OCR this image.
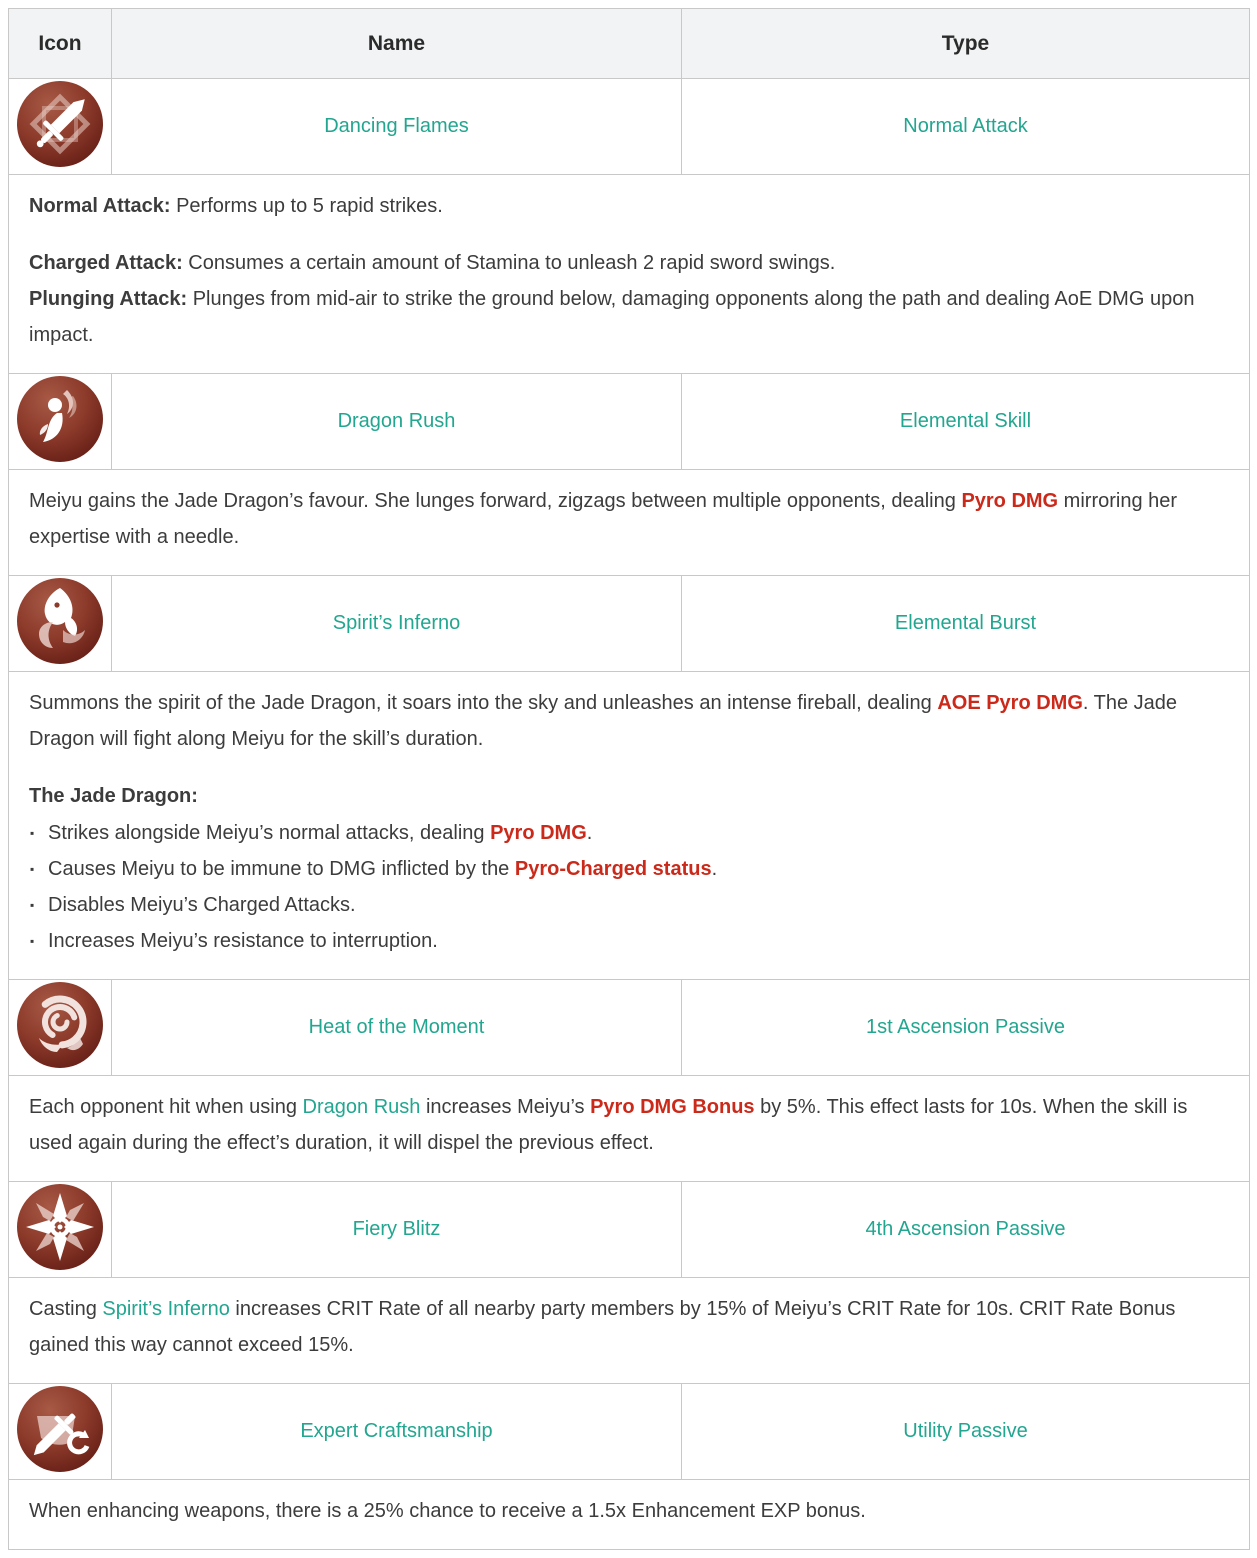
Icon	Name	Type

	Dancing Flames	Normal Attack

Normal Attack: Performs up to 5 rapid strikes.

Charged Attack: Consumes a certain amount of Stamina to unleash 2 rapid sword swings.
Plunging Attack: Plunges from mid-air to strike the ground below, damaging opponents along the path and dealing AoE DMG upon impact.		

	Dragon Rush	Elemental Skill

Meiyu gains the Jade Dragon’s favour. She lunges forward, zigzags between multiple opponents, dealing Pyro DMG mirroring her expertise with a needle.		

	Spirit’s Inferno	Elemental Burst

Summons the spirit of the Jade Dragon, it soars into the sky and unleashes an intense fireball, dealing AOE Pyro DMG. The Jade Dragon will fight along Meiyu for the skill’s duration.

The Jade Dragon:

▪ Strikes alongside Meiyu’s normal attacks, dealing Pyro DMG.
▪ Causes Meiyu to be immune to DMG inflicted by the Pyro-Charged status.
▪ Disables Meiyu’s Charged Attacks.
▪ Increases Meiyu’s resistance to interruption.

	Heat of the Moment	1st Ascension Passive

Each opponent hit when using Dragon Rush increases Meiyu’s Pyro DMG Bonus by 5%. This effect lasts for 10s. When the skill is used again during the effect’s duration, it will dispel the previous effect.		

	Fiery Blitz	4th Ascension Passive

Casting Spirit’s Inferno increases CRIT Rate of all nearby party members by 15% of Meiyu’s CRIT Rate for 10s. CRIT Rate Bonus gained this way cannot exceed 15%.		

	Expert Craftsmanship	Utility Passive

When enhancing weapons, there is a 25% chance to receive a 1.5x Enhancement EXP bonus.		
